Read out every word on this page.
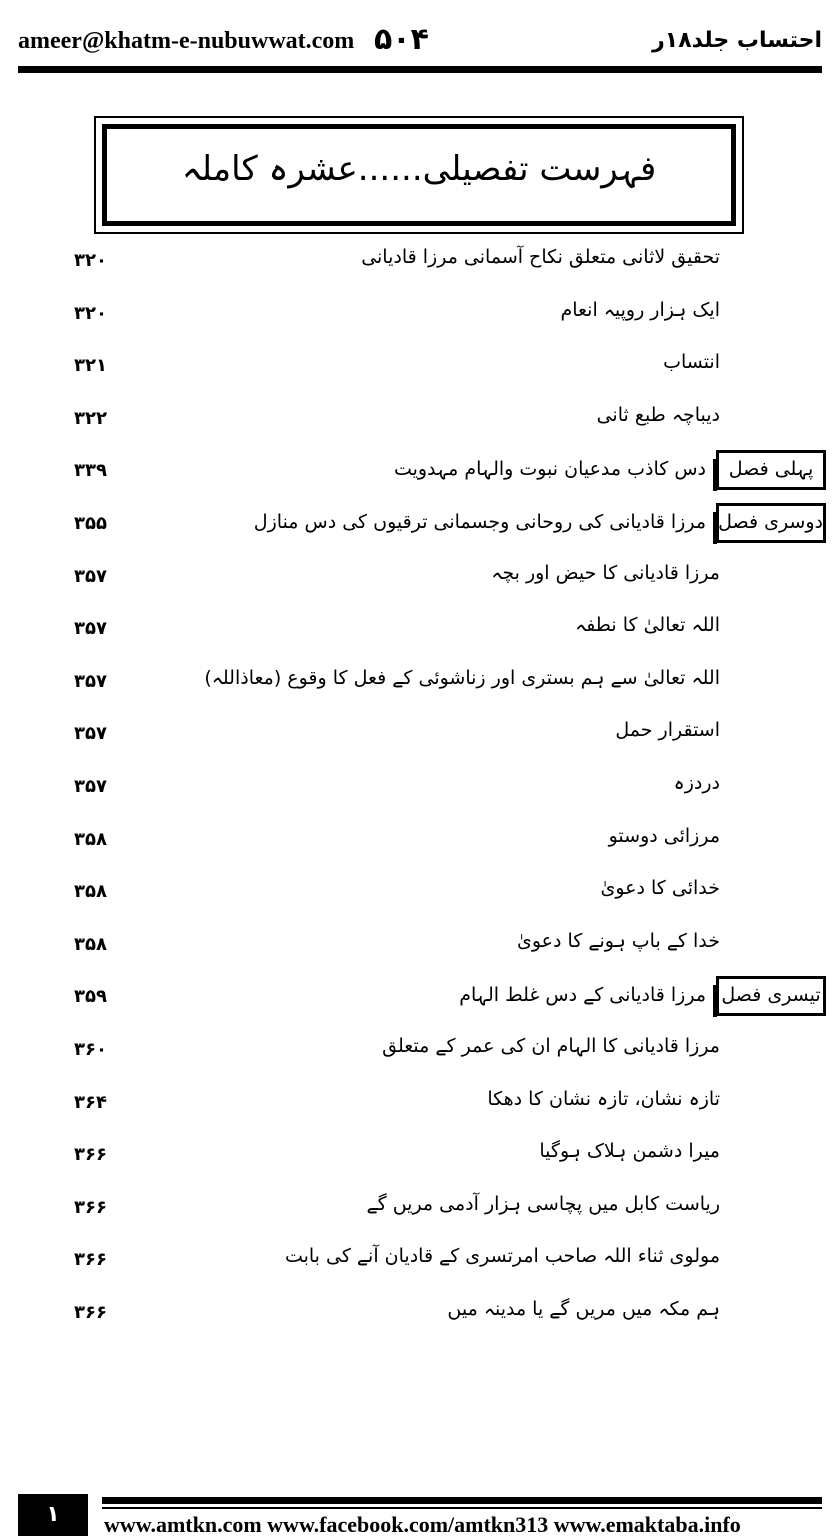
ameer@khatm-e-nubuwwat.com ۵۰۴	احتساب جلد۱۸ر
فہرست تفصیلی......عشرہ کاملہ
تحقیق لاثانی متعلق نکاح آسمانی مرزا قادیانی
۳۲۰
ایک ہزار روپیہ انعام
۳۲۰
انتساب
۳۲۱
دیباچہ طبع ثانی
۳۲۲
پہلی فصل
دس کاذب مدعیان نبوت والہام مہدویت
۳۳۹
دوسری فصل
مرزا قادیانی کی روحانی وجسمانی ترقیوں کی دس منازل
۳۵۵
مرزا قادیانی کا حیض اور بچہ
۳۵۷
اللہ تعالیٰ کا نطفہ
۳۵۷
اللہ تعالیٰ سے ہم بستری اور زناشوئی کے فعل کا وقوع (معاذاللہ)
۳۵۷
استقرار حمل
۳۵۷
دردزہ
۳۵۷
مرزائی دوستو
۳۵۸
خدائی کا دعویٰ
۳۵۸
خدا کے باپ ہونے کا دعویٰ
۳۵۸
تیسری فصل
مرزا قادیانی کے دس غلط الہام
۳۵۹
مرزا قادیانی کا الہام ان کی عمر کے متعلق
۳۶۰
تازہ نشان، تازہ نشان کا دھکا
۳۶۴
میرا دشمن ہلاک ہوگیا
۳۶۶
ریاست کابل میں پچاسی ہزار آدمی مریں گے
۳۶۶
مولوی ثناء اللہ صاحب امرتسری کے قادیان آنے کی بابت
۳۶۶
ہم مکہ میں مریں گے یا مدینہ میں
۳۶۶
۱	www.amtkn.com www.facebook.com/amtkn313 www.emaktaba.info
